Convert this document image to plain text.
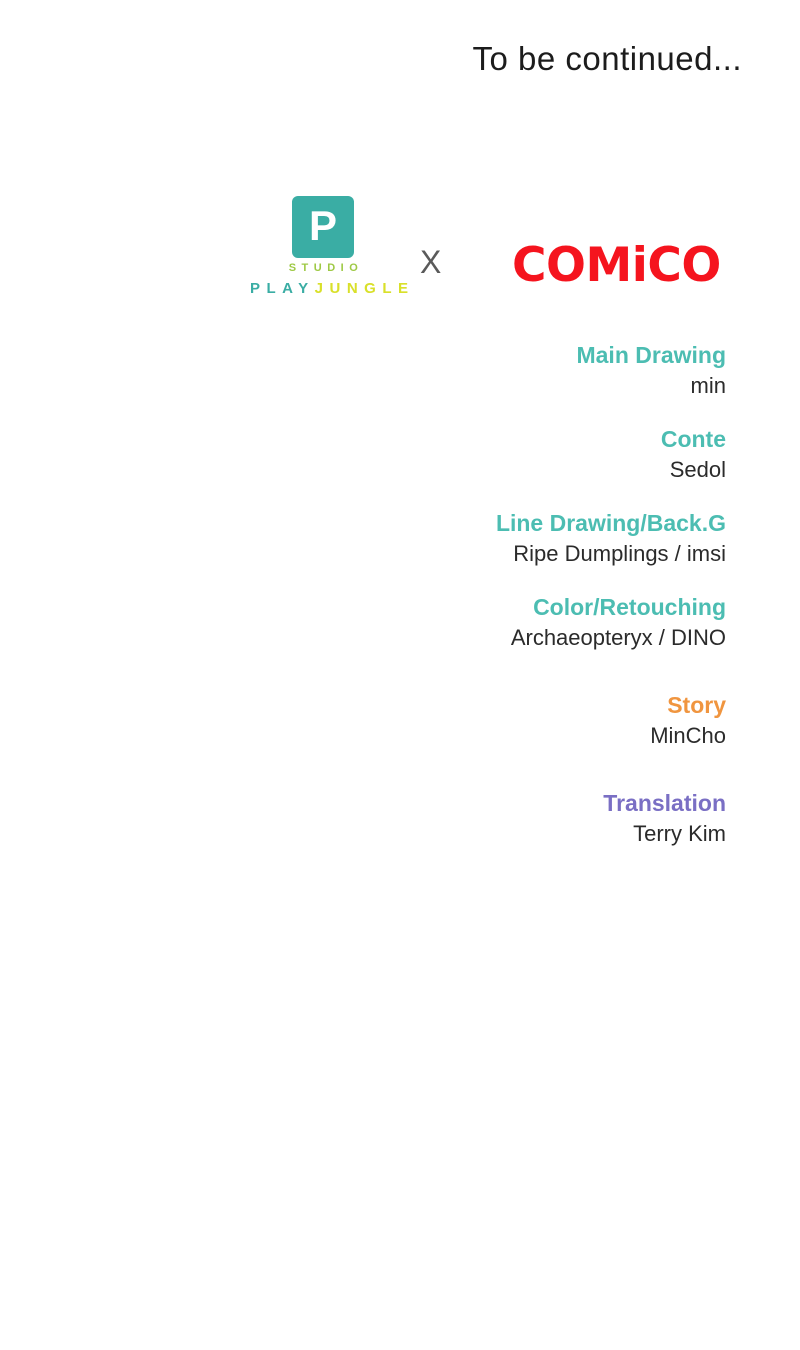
To be continued...
P
STUDIO
PLAYJUNGLE
X COMiCO
Main Drawing
min
Conte
Sedol
Line Drawing/Back.G
Ripe Dumplings / imsi
Color/Retouching
Archaeopteryx / DINO
Story
MinCho
Translation
Terry Kim
